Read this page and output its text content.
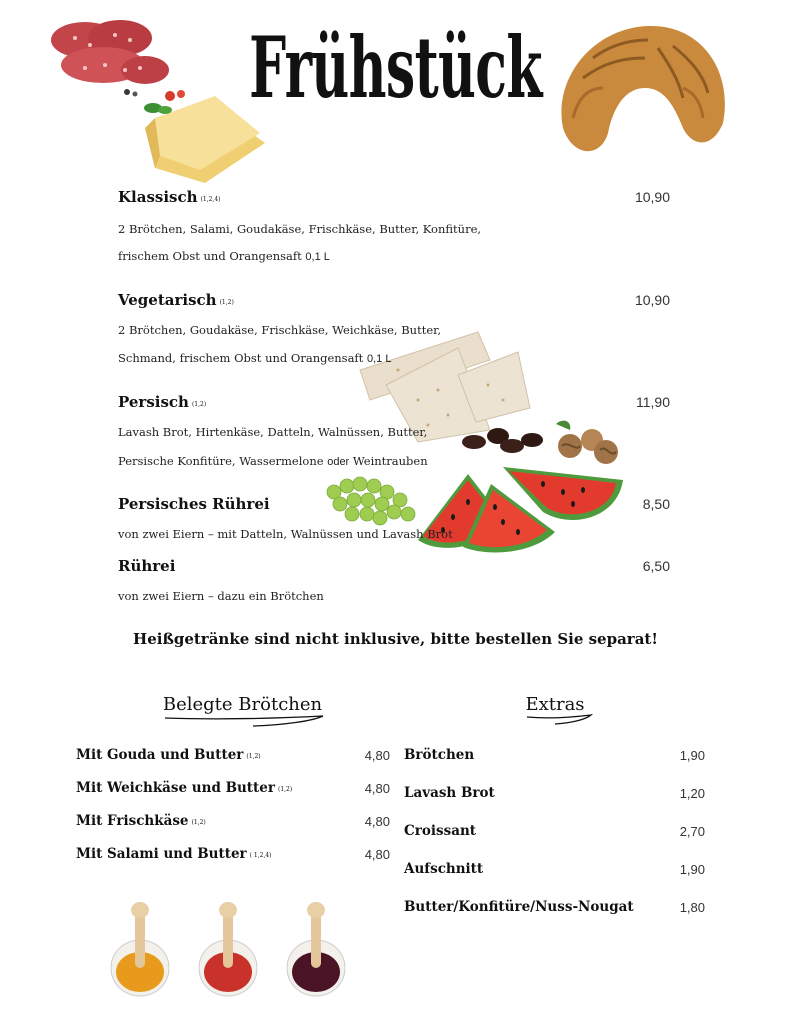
Frühstück
Klassisch (1,2,4)	10,90
2 Brötchen, Salami, Goudakäse, Frischkäse, Butter, Konfitüre,
frischem Obst und Orangensaft 0,1 L
Vegetarisch (1,2)	10,90
2 Brötchen, Goudakäse, Frischkäse, Weichkäse, Butter,
Schmand, frischem Obst und Orangensaft 0,1 L
Persisch (1,2)	11,90
Lavash Brot, Hirtenkäse, Datteln, Walnüssen, Butter,
Persische Konfitüre, Wassermelone oder Weintrauben
Persisches Rührei	8,50
von zwei Eiern – mit Datteln, Walnüssen und Lavash Brot
Rührei	6,50
von zwei Eiern – dazu ein Brötchen
Heißgetränke sind nicht inklusive, bitte bestellen Sie separat!
Belegte Brötchen
Mit Gouda und Butter (1,2)	4,80
Mit Weichkäse und Butter (1,2)	4,80
Mit Frischkäse (1,2)	4,80
Mit Salami und Butter ( 1,2,4)	4,80
Extras
Brötchen	1,90
Lavash Brot	1,20
Croissant	2,70
Aufschnitt	1,90
Butter/Konfitüre/Nuss-Nougat	1,80
